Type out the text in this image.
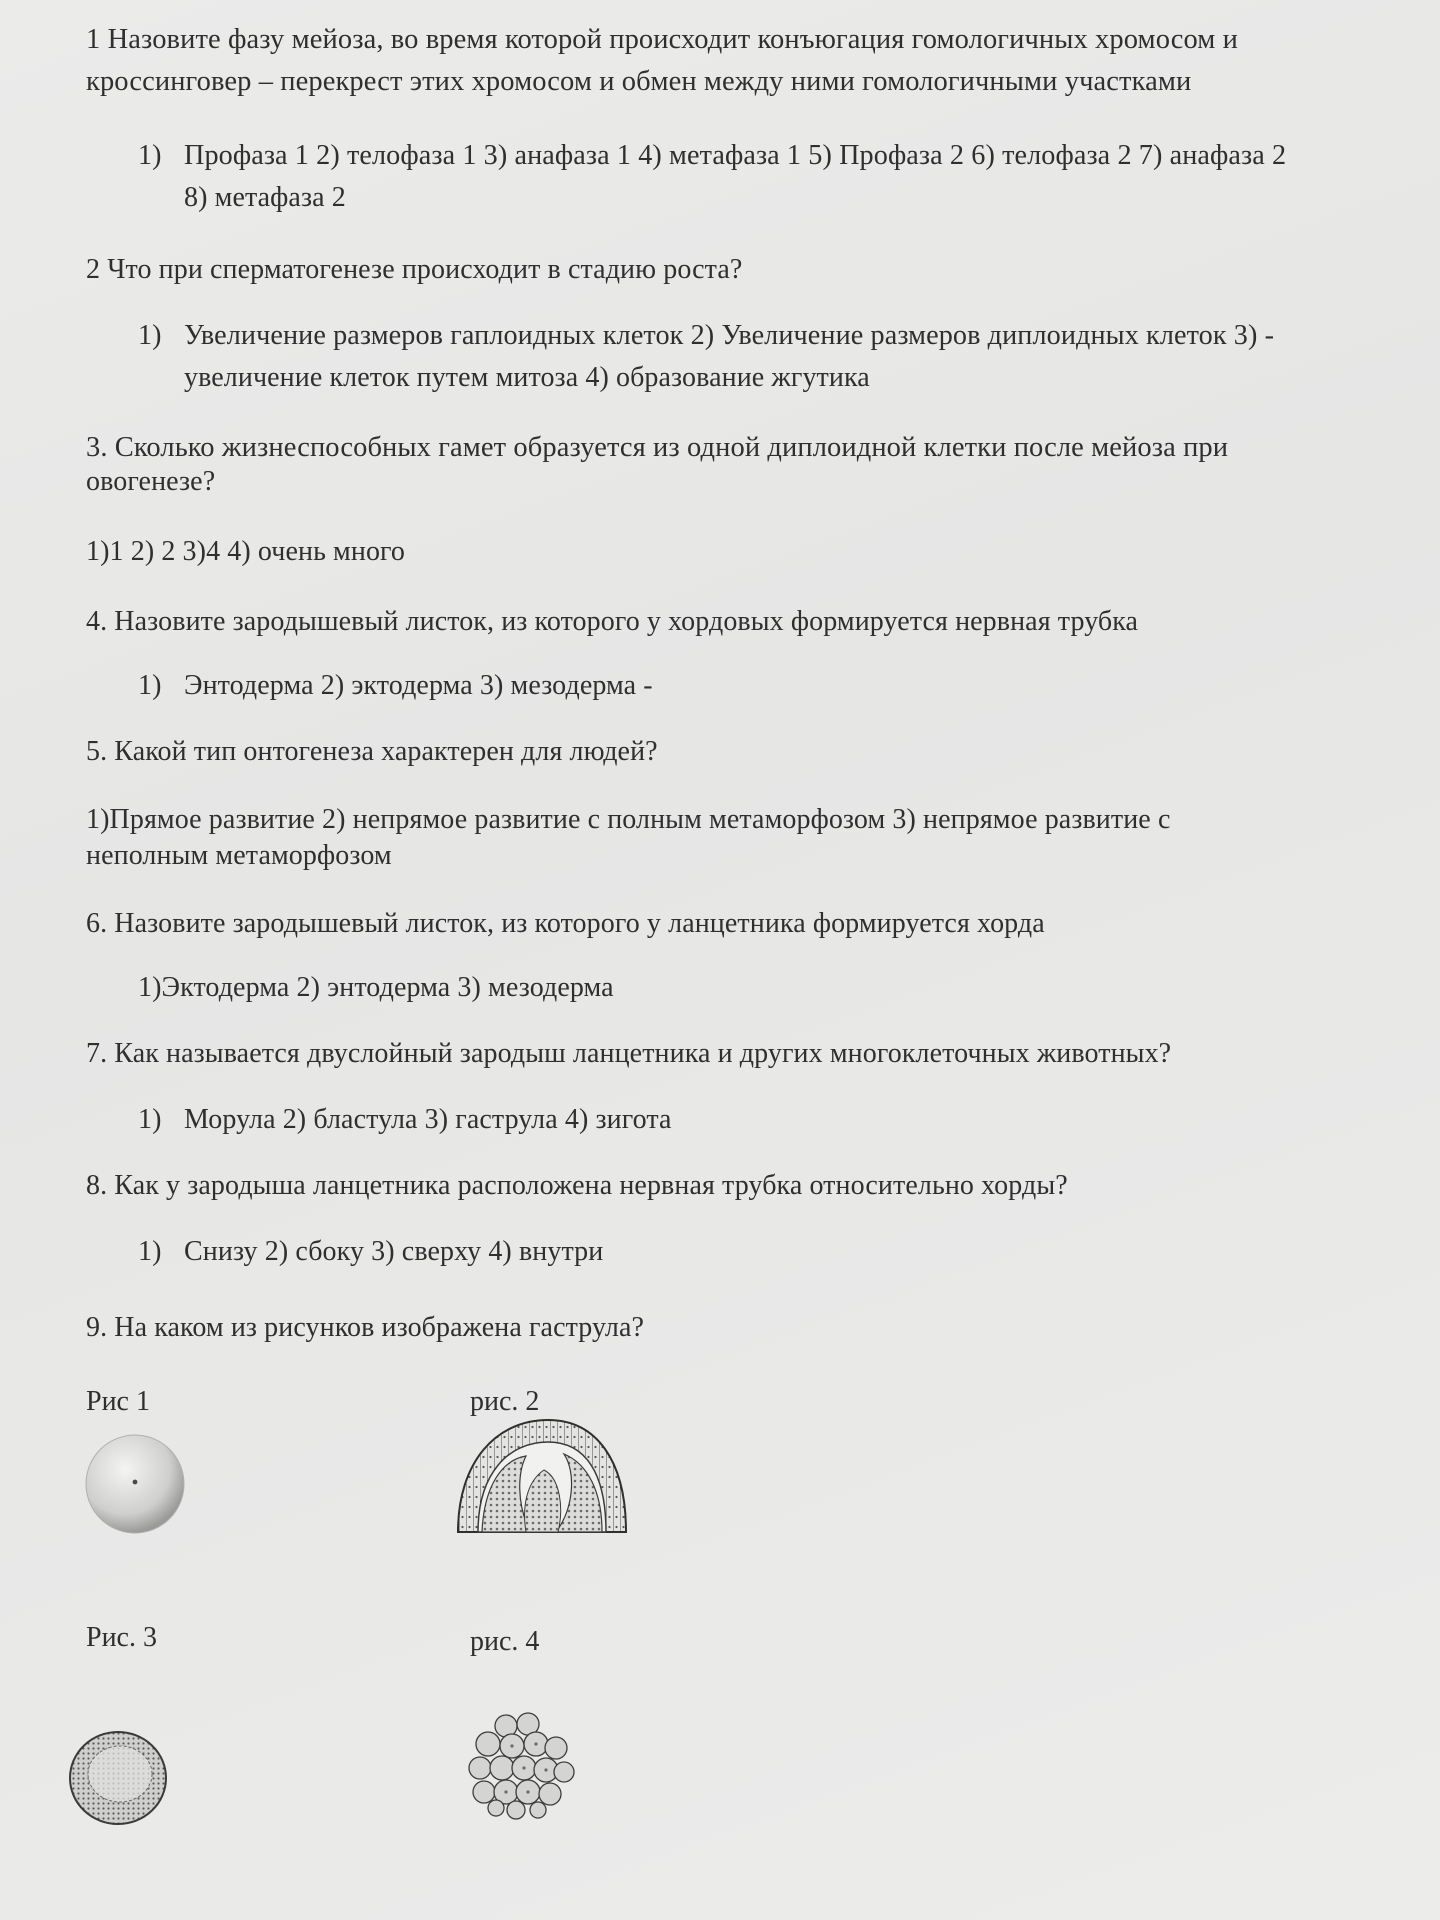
1 Назовите фазу мейоза, во время которой происходит конъюгация гомологичных хромосом и
кроссинговер – перекрест этих хромосом и обмен между ними гомологичными участками
1) Профаза 1 2) телофаза 1 3) анафаза 1 4) метафаза 1 5) Профаза 2 6) телофаза 2 7) анафаза 2
8) метафаза 2
2 Что при сперматогенезе происходит в стадию роста?
1) Увеличение размеров гаплоидных клеток 2) Увеличение размеров диплоидных клеток 3) -
увеличение клеток путем митоза 4) образование жгутика
3. Сколько жизнеспособных гамет образуется из одной диплоидной клетки после мейоза при
овогенезе?
1)1 2) 2 3)4 4) очень много
4. Назовите зародышевый листок, из которого у хордовых формируется нервная трубка
1) Энтодерма 2) эктодерма 3) мезодерма -
5. Какой тип онтогенеза характерен для людей?
1)Прямое развитие 2) непрямое развитие с полным метаморфозом 3) непрямое развитие с
неполным метаморфозом
6. Назовите зародышевый листок, из которого у ланцетника формируется хорда
1)Эктодерма 2) энтодерма 3) мезодерма
7. Как называется двуслойный зародыш ланцетника и других многоклеточных животных?
1) Морула 2) бластула 3) гаструла 4) зигота
8. Как у зародыша ланцетника расположена нервная трубка относительно хорды?
1) Снизу 2) сбоку 3) сверху 4) внутри
9. На каком из рисунков изображена гаструла?
Рис 1	рис. 2
Рис. 3	рис. 4
